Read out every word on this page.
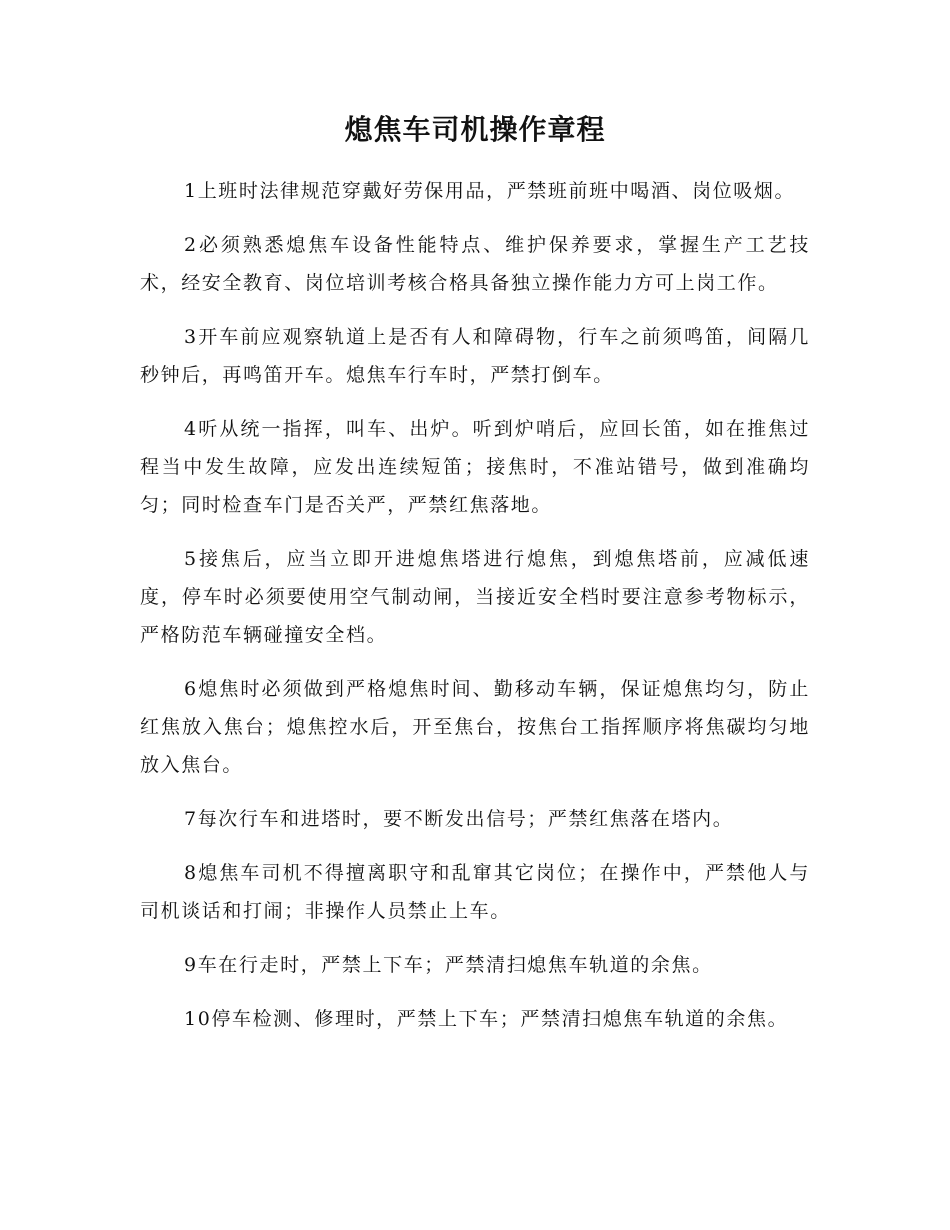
熄焦车司机操作章程

1上班时法律规范穿戴好劳保用品，严禁班前班中喝酒、岗位吸烟。

2必须熟悉熄焦车设备性能特点、维护保养要求，掌握生产工艺技术，经安全教育、岗位培训考核合格具备独立操作能力方可上岗工作。

3开车前应观察轨道上是否有人和障碍物，行车之前须鸣笛，间隔几秒钟后，再鸣笛开车。熄焦车行车时，严禁打倒车。

4听从统一指挥，叫车、出炉。听到炉哨后，应回长笛，如在推焦过程当中发生故障，应发出连续短笛；接焦时，不准站错号，做到准确均匀；同时检查车门是否关严，严禁红焦落地。

5接焦后，应当立即开进熄焦塔进行熄焦，到熄焦塔前，应减低速度，停车时必须要使用空气制动闸，当接近安全档时要注意参考物标示，严格防范车辆碰撞安全档。

6熄焦时必须做到严格熄焦时间、勤移动车辆，保证熄焦均匀，防止红焦放入焦台；熄焦控水后，开至焦台，按焦台工指挥顺序将焦碳均匀地放入焦台。

7每次行车和进塔时，要不断发出信号；严禁红焦落在塔内。

8熄焦车司机不得擅离职守和乱窜其它岗位；在操作中，严禁他人与司机谈话和打闹；非操作人员禁止上车。

9车在行走时，严禁上下车；严禁清扫熄焦车轨道的余焦。

10停车检测、修理时，严禁上下车；严禁清扫熄焦车轨道的余焦。
